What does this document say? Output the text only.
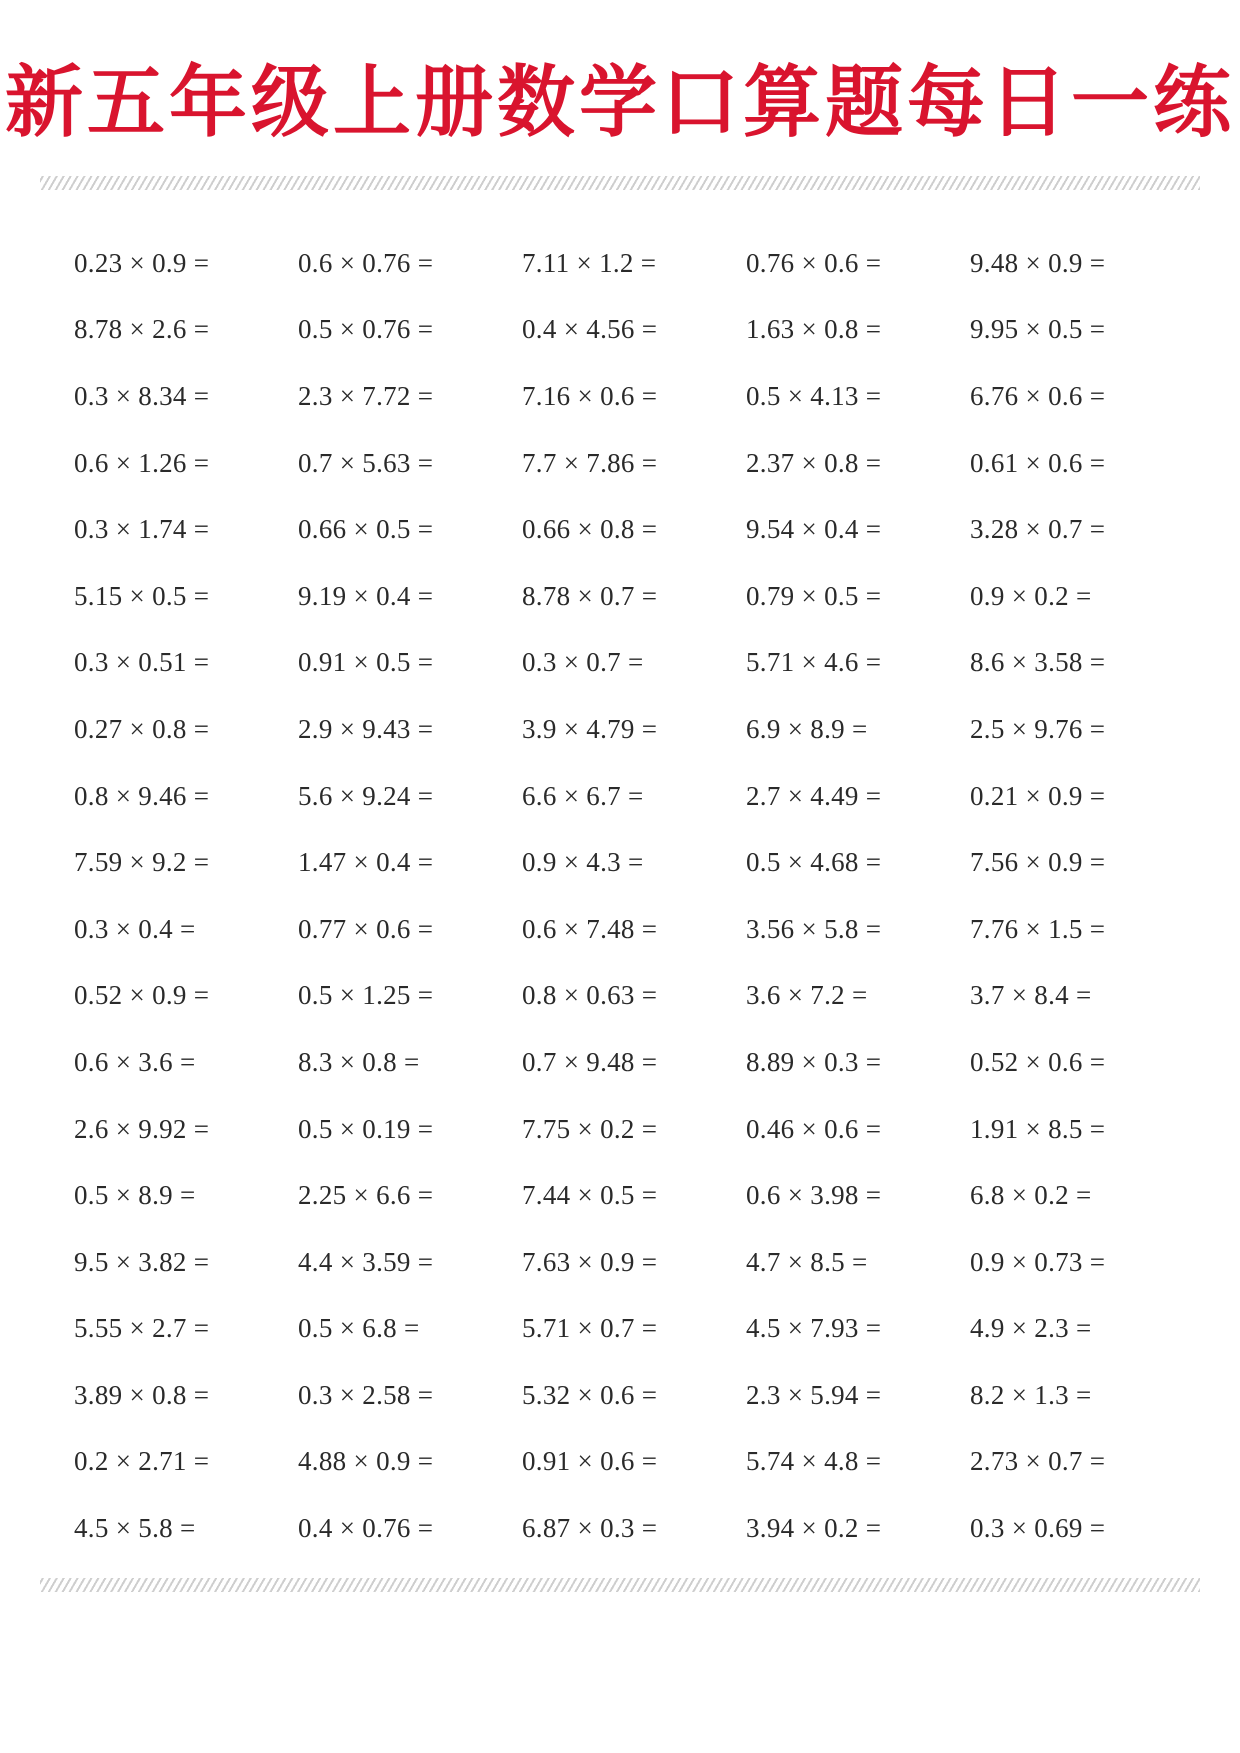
新五年级上册数学口算题每日一练
0.23 × 0.9 =	0.6 × 0.76 =	7.11 × 1.2 =	0.76 × 0.6 =	9.48 × 0.9 =
8.78 × 2.6 =	0.5 × 0.76 =	0.4 × 4.56 =	1.63 × 0.8 =	9.95 × 0.5 =
0.3 × 8.34 =	2.3 × 7.72 =	7.16 × 0.6 =	0.5 × 4.13 =	6.76 × 0.6 =
0.6 × 1.26 =	0.7 × 5.63 =	7.7 × 7.86 =	2.37 × 0.8 =	0.61 × 0.6 =
0.3 × 1.74 =	0.66 × 0.5 =	0.66 × 0.8 =	9.54 × 0.4 =	3.28 × 0.7 =
5.15 × 0.5 =	9.19 × 0.4 =	8.78 × 0.7 =	0.79 × 0.5 =	0.9 × 0.2 =
0.3 × 0.51 =	0.91 × 0.5 =	0.3 × 0.7 =	5.71 × 4.6 =	8.6 × 3.58 =
0.27 × 0.8 =	2.9 × 9.43 =	3.9 × 4.79 =	6.9 × 8.9 =	2.5 × 9.76 =
0.8 × 9.46 =	5.6 × 9.24 =	6.6 × 6.7 =	2.7 × 4.49 =	0.21 × 0.9 =
7.59 × 9.2 =	1.47 × 0.4 =	0.9 × 4.3 =	0.5 × 4.68 =	7.56 × 0.9 =
0.3 × 0.4 =	0.77 × 0.6 =	0.6 × 7.48 =	3.56 × 5.8 =	7.76 × 1.5 =
0.52 × 0.9 =	0.5 × 1.25 =	0.8 × 0.63 =	3.6 × 7.2 =	3.7 × 8.4 =
0.6 × 3.6 =	8.3 × 0.8 =	0.7 × 9.48 =	8.89 × 0.3 =	0.52 × 0.6 =
2.6 × 9.92 =	0.5 × 0.19 =	7.75 × 0.2 =	0.46 × 0.6 =	1.91 × 8.5 =
0.5 × 8.9 =	2.25 × 6.6 =	7.44 × 0.5 =	0.6 × 3.98 =	6.8 × 0.2 =
9.5 × 3.82 =	4.4 × 3.59 =	7.63 × 0.9 =	4.7 × 8.5 =	0.9 × 0.73 =
5.55 × 2.7 =	0.5 × 6.8 =	5.71 × 0.7 =	4.5 × 7.93 =	4.9 × 2.3 =
3.89 × 0.8 =	0.3 × 2.58 =	5.32 × 0.6 =	2.3 × 5.94 =	8.2 × 1.3 =
0.2 × 2.71 =	4.88 × 0.9 =	0.91 × 0.6 =	5.74 × 4.8 =	2.73 × 0.7 =
4.5 × 5.8 =	0.4 × 0.76 =	6.87 × 0.3 =	3.94 × 0.2 =	0.3 × 0.69 =
